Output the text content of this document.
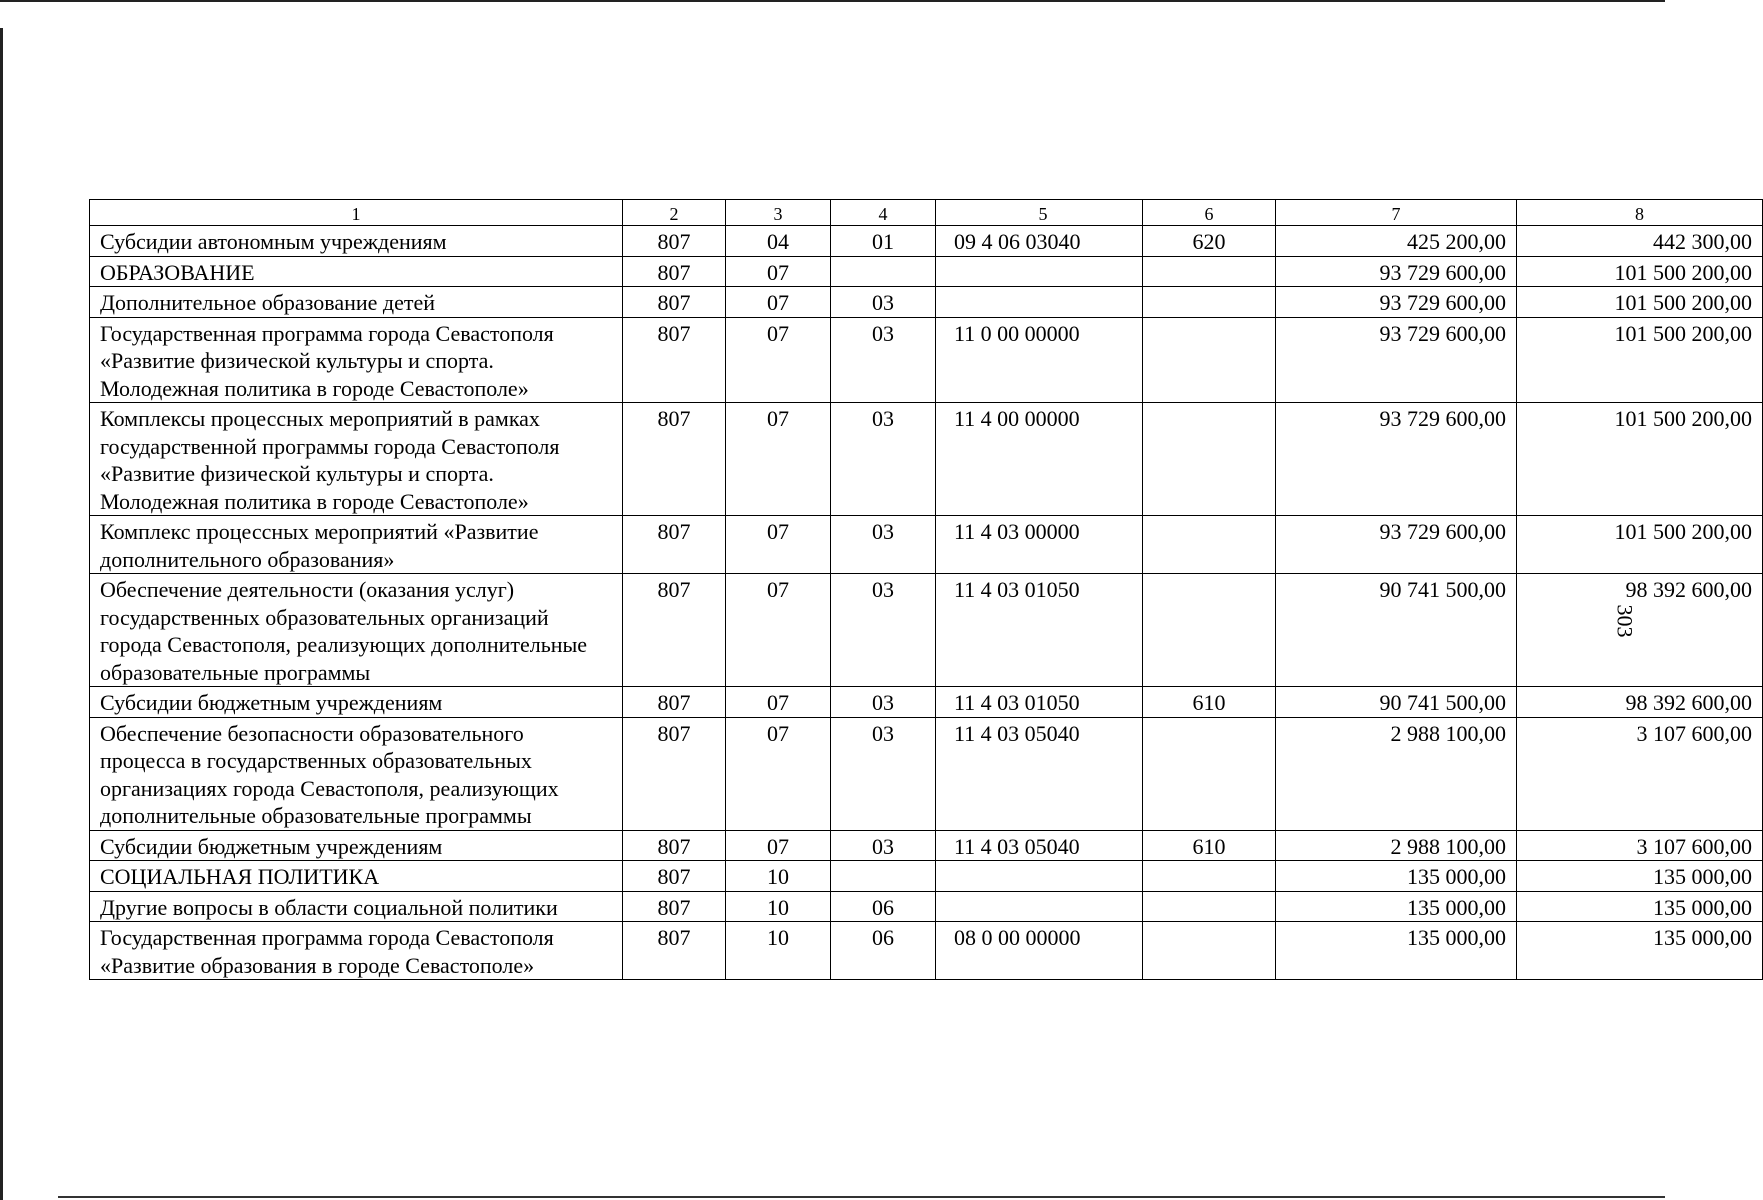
303
1	2	3	4	5	6	7	8
Субсидии автономным учреждениям	807	04	01	09 4 06 03040	620	425 200,00	442 300,00
ОБРАЗОВАНИЕ	807	07				93 729 600,00	101 500 200,00
Дополнительное образование детей	807	07	03			93 729 600,00	101 500 200,00
Государственная программа города Севастополя «Развитие физической культуры и спорта. Молодежная политика в городе Севастополе»	807	07	03	11 0 00 00000		93 729 600,00	101 500 200,00
Комплексы процессных мероприятий в рамках государственной программы города Севастополя «Развитие физической культуры и спорта. Молодежная политика в городе Севастополе»	807	07	03	11 4 00 00000		93 729 600,00	101 500 200,00
Комплекс процессных мероприятий «Развитие дополнительного образования»	807	07	03	11 4 03 00000		93 729 600,00	101 500 200,00
Обеспечение деятельности (оказания услуг) государственных образовательных организаций города Севастополя, реализующих дополнительные образовательные программы	807	07	03	11 4 03 01050		90 741 500,00	98 392 600,00
Субсидии бюджетным учреждениям	807	07	03	11 4 03 01050	610	90 741 500,00	98 392 600,00
Обеспечение безопасности образовательного процесса в государственных образовательных организациях города Севастополя, реализующих дополнительные образовательные программы	807	07	03	11 4 03 05040		2 988 100,00	3 107 600,00
Субсидии бюджетным учреждениям	807	07	03	11 4 03 05040	610	2 988 100,00	3 107 600,00
СОЦИАЛЬНАЯ ПОЛИТИКА	807	10				135 000,00	135 000,00
Другие вопросы в области социальной политики	807	10	06			135 000,00	135 000,00
Государственная программа города Севастополя «Развитие образования в городе Севастополе»	807	10	06	08 0 00 00000		135 000,00	135 000,00
